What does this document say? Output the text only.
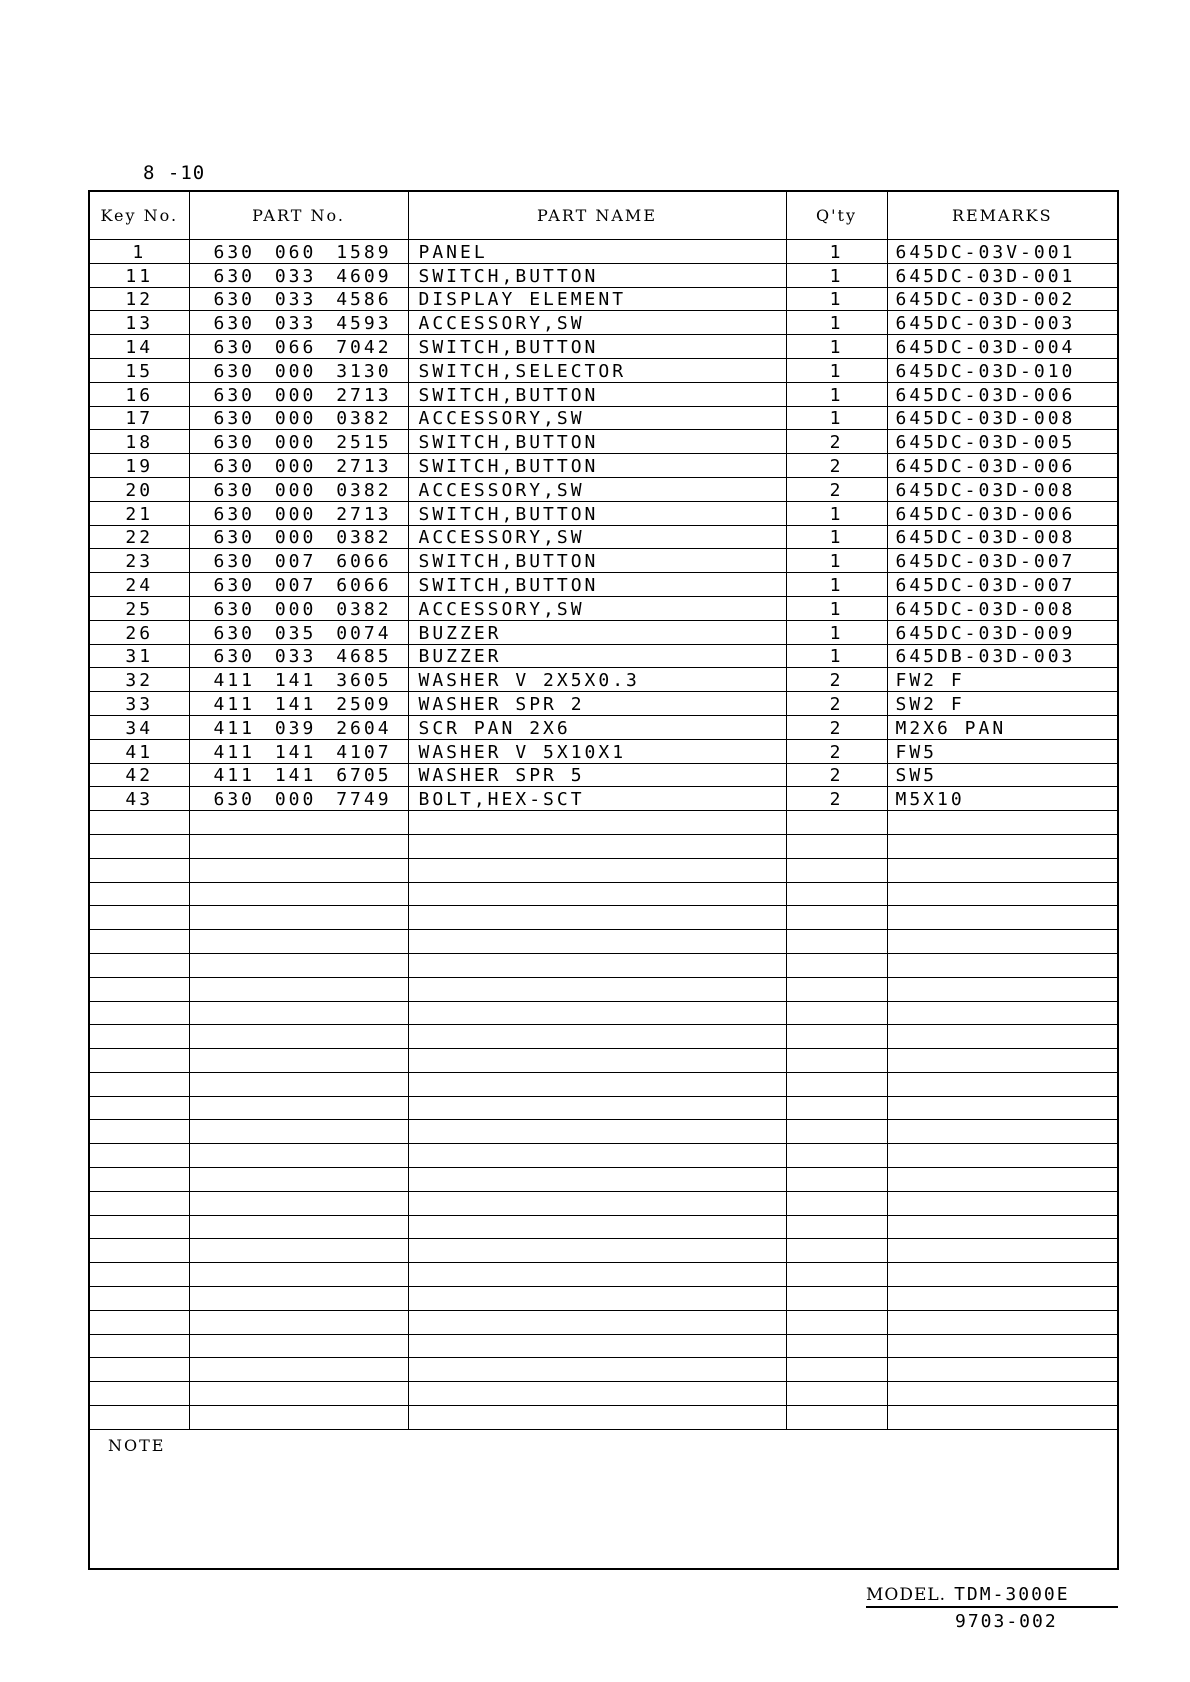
8 -10
Key No.	PART No.	PART NAME	Q'ty	REMARKS
1	630 060 1589	PANEL	1	645DC-03V-001
11	630 033 4609	SWITCH,BUTTON	1	645DC-03D-001
12	630 033 4586	DISPLAY ELEMENT	1	645DC-03D-002
13	630 033 4593	ACCESSORY,SW	1	645DC-03D-003
14	630 066 7042	SWITCH,BUTTON	1	645DC-03D-004
15	630 000 3130	SWITCH,SELECTOR	1	645DC-03D-010
16	630 000 2713	SWITCH,BUTTON	1	645DC-03D-006
17	630 000 0382	ACCESSORY,SW	1	645DC-03D-008
18	630 000 2515	SWITCH,BUTTON	2	645DC-03D-005
19	630 000 2713	SWITCH,BUTTON	2	645DC-03D-006
20	630 000 0382	ACCESSORY,SW	2	645DC-03D-008
21	630 000 2713	SWITCH,BUTTON	1	645DC-03D-006
22	630 000 0382	ACCESSORY,SW	1	645DC-03D-008
23	630 007 6066	SWITCH,BUTTON	1	645DC-03D-007
24	630 007 6066	SWITCH,BUTTON	1	645DC-03D-007
25	630 000 0382	ACCESSORY,SW	1	645DC-03D-008
26	630 035 0074	BUZZER	1	645DC-03D-009
31	630 033 4685	BUZZER	1	645DB-03D-003
32	411 141 3605	WASHER V 2X5X0.3	2	FW2 F
33	411 141 2509	WASHER SPR 2	2	SW2 F
34	411 039 2604	SCR PAN 2X6	2	M2X6 PAN
41	411 141 4107	WASHER V 5X10X1	2	FW5
42	411 141 6705	WASHER SPR 5	2	SW5
43	630 000 7749	BOLT,HEX-SCT	2	M5X10

NOTE
MODEL. TDM-3000E
9703-002
